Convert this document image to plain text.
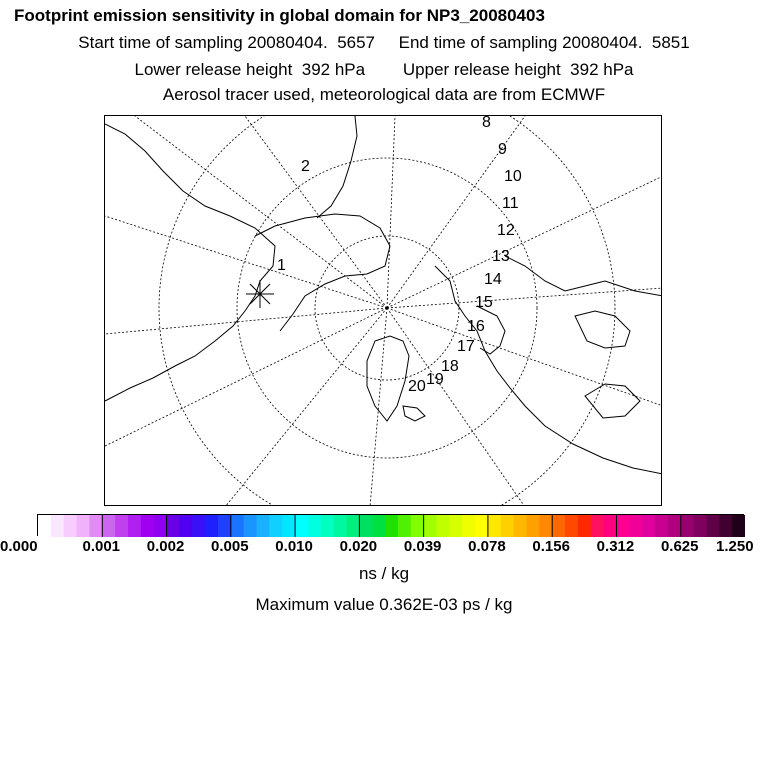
Footprint emission sensitivity in global domain for NP3_20080403
Start time of sampling 20080404.  5657     End time of sampling 20080404.  5851
Lower release height  392 hPa        Upper release height  392 hPa
Aerosol tracer used, meteorological data are from ECMWF
1
2
8
9
10
11
12
13
14
15
16
17
18
19
20
0.000	0.001 0.002 0.005 0.010 0.020 0.039 0.078 0.156 0.312 0.625 1.250
ns / kg
Maximum value 0.362E-03 ps / kg
